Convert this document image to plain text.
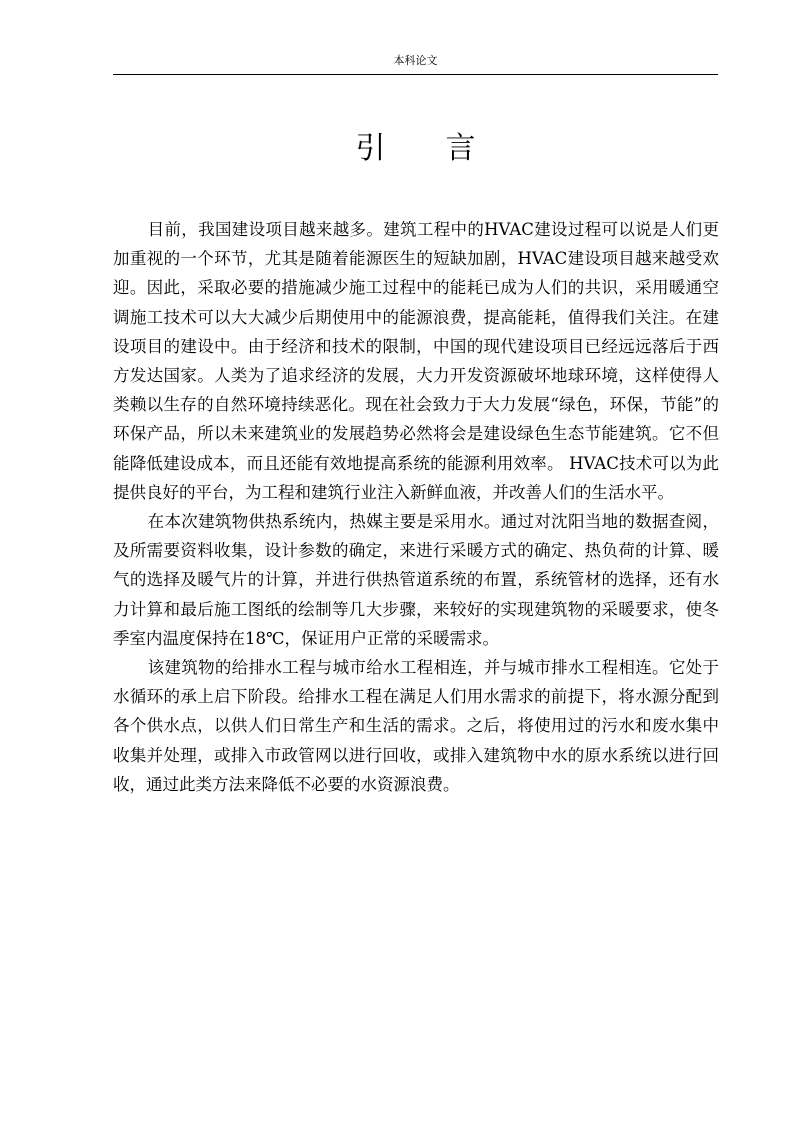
本科论文
引 言

目前，我国建设项目越来越多。建筑工程中的HVAC建设过程可以说是人们更加重视的一个环节，尤其是随着能源医生的短缺加剧，HVAC建设项目越来越受欢迎。因此，采取必要的措施减少施工过程中的能耗已成为人们的共识，采用暖通空调施工技术可以大大减少后期使用中的能源浪费，提高能耗，值得我们关注。在建设项目的建设中。由于经济和技术的限制，中国的现代建设项目已经远远落后于西方发达国家。人类为了追求经济的发展，大力开发资源破坏地球环境，这样使得人类赖以生存的自然环境持续恶化。现在社会致力于大力发展“绿色，环保，节能”的环保产品，所以未来建筑业的发展趋势必然将会是建设绿色生态节能建筑。它不但能降低建设成本，而且还能有效地提高系统的能源利用效率。 HVAC技术可以为此提供良好的平台，为工程和建筑行业注入新鲜血液，并改善人们的生活水平。

在本次建筑物供热系统内，热媒主要是采用水。通过对沈阳当地的数据查阅，及所需要资料收集，设计参数的确定，来进行采暖方式的确定、热负荷的计算、暖气的选择及暖气片的计算，并进行供热管道系统的布置，系统管材的选择，还有水力计算和最后施工图纸的绘制等几大步骤，来较好的实现建筑物的采暖要求，使冬季室内温度保持在18℃，保证用户正常的采暖需求。

该建筑物的给排水工程与城市给水工程相连，并与城市排水工程相连。它处于水循环的承上启下阶段。给排水工程在满足人们用水需求的前提下，将水源分配到各个供水点，以供人们日常生产和生活的需求。之后，将使用过的污水和废水集中收集并处理，或排入市政管网以进行回收，或排入建筑物中水的原水系统以进行回收，通过此类方法来降低不必要的水资源浪费。
